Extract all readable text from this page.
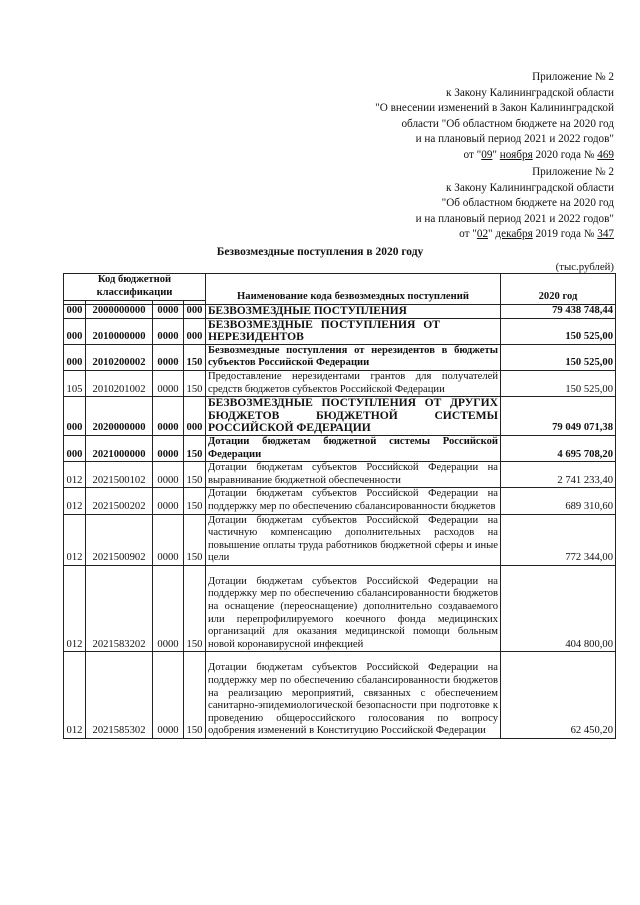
Приложение № 2
к Закону Калининградской области
"О внесении изменений в Закон Калининградской
области "Об областном бюджете на 2020 год
и на плановый период 2021 и 2022 годов"
от "09" ноября 2020 года № 469
Приложение № 2
к Закону Калининградской области
"Об областном бюджете на 2020 год
и на плановый период 2021 и 2022 годов"
от "02" декабря 2019 года № 347
Безвозмездные поступления в 2020 году
(тыс.рублей)
Код бюджетной классификации				Наименование кода безвозмездных поступлений	2020 год

000	2000000000	0000	000	БЕЗВОЗМЕЗДНЫЕ ПОСТУПЛЕНИЯ	79 438 748,44
000	2010000000	0000	000	БЕЗВОЗМЕЗДНЫЕ ПОСТУПЛЕНИЯ ОТ НЕРЕЗИДЕНТОВ	150 525,00
000	2010200002	0000	150	Безвозмездные поступления от нерезидентов в бюджеты субъектов Российской Федерации	150 525,00
105	2010201002	0000	150	Предоставление нерезидентами грантов для получателей средств бюджетов субъектов Российской Федерации	150 525,00
000	2020000000	0000	000	БЕЗВОЗМЕЗДНЫЕ ПОСТУПЛЕНИЯ ОТ ДРУГИХ БЮДЖЕТОВ БЮДЖЕТНОЙ СИСТЕМЫ РОССИЙСКОЙ ФЕДЕРАЦИИ	79 049 071,38
000	2021000000	0000	150	Дотации бюджетам бюджетной системы Российской Федерации	4 695 708,20
012	2021500102	0000	150	Дотации бюджетам субъектов Российской Федерации на выравнивание бюджетной обеспеченности	2 741 233,40
012	2021500202	0000	150	Дотации бюджетам субъектов Российской Федерации на поддержку мер по обеспечению сбалансированности бюджетов	689 310,60
012	2021500902	0000	150	Дотации бюджетам субъектов Российской Федерации на частичную компенсацию дополнительных расходов на повышение оплаты труда работников бюджетной сферы и иные цели	772 344,00
012	2021583202	0000	150	Дотации бюджетам субъектов Российской Федерации на поддержку мер по обеспечению сбалансированности бюджетов на оснащение (переоснащение) дополнительно создаваемого или перепрофилируемого коечного фонда медицинских организаций для оказания медицинской помощи больным новой коронавирусной инфекцией	404 800,00
012	2021585302	0000	150	Дотации бюджетам субъектов Российской Федерации на поддержку мер по обеспечению сбалансированности бюджетов на реализацию мероприятий, связанных с обеспечением санитарно-эпидемиологической безопасности при подготовке к проведению общероссийского голосования по вопросу одобрения изменений в Конституцию Российской Федерации	62 450,20
